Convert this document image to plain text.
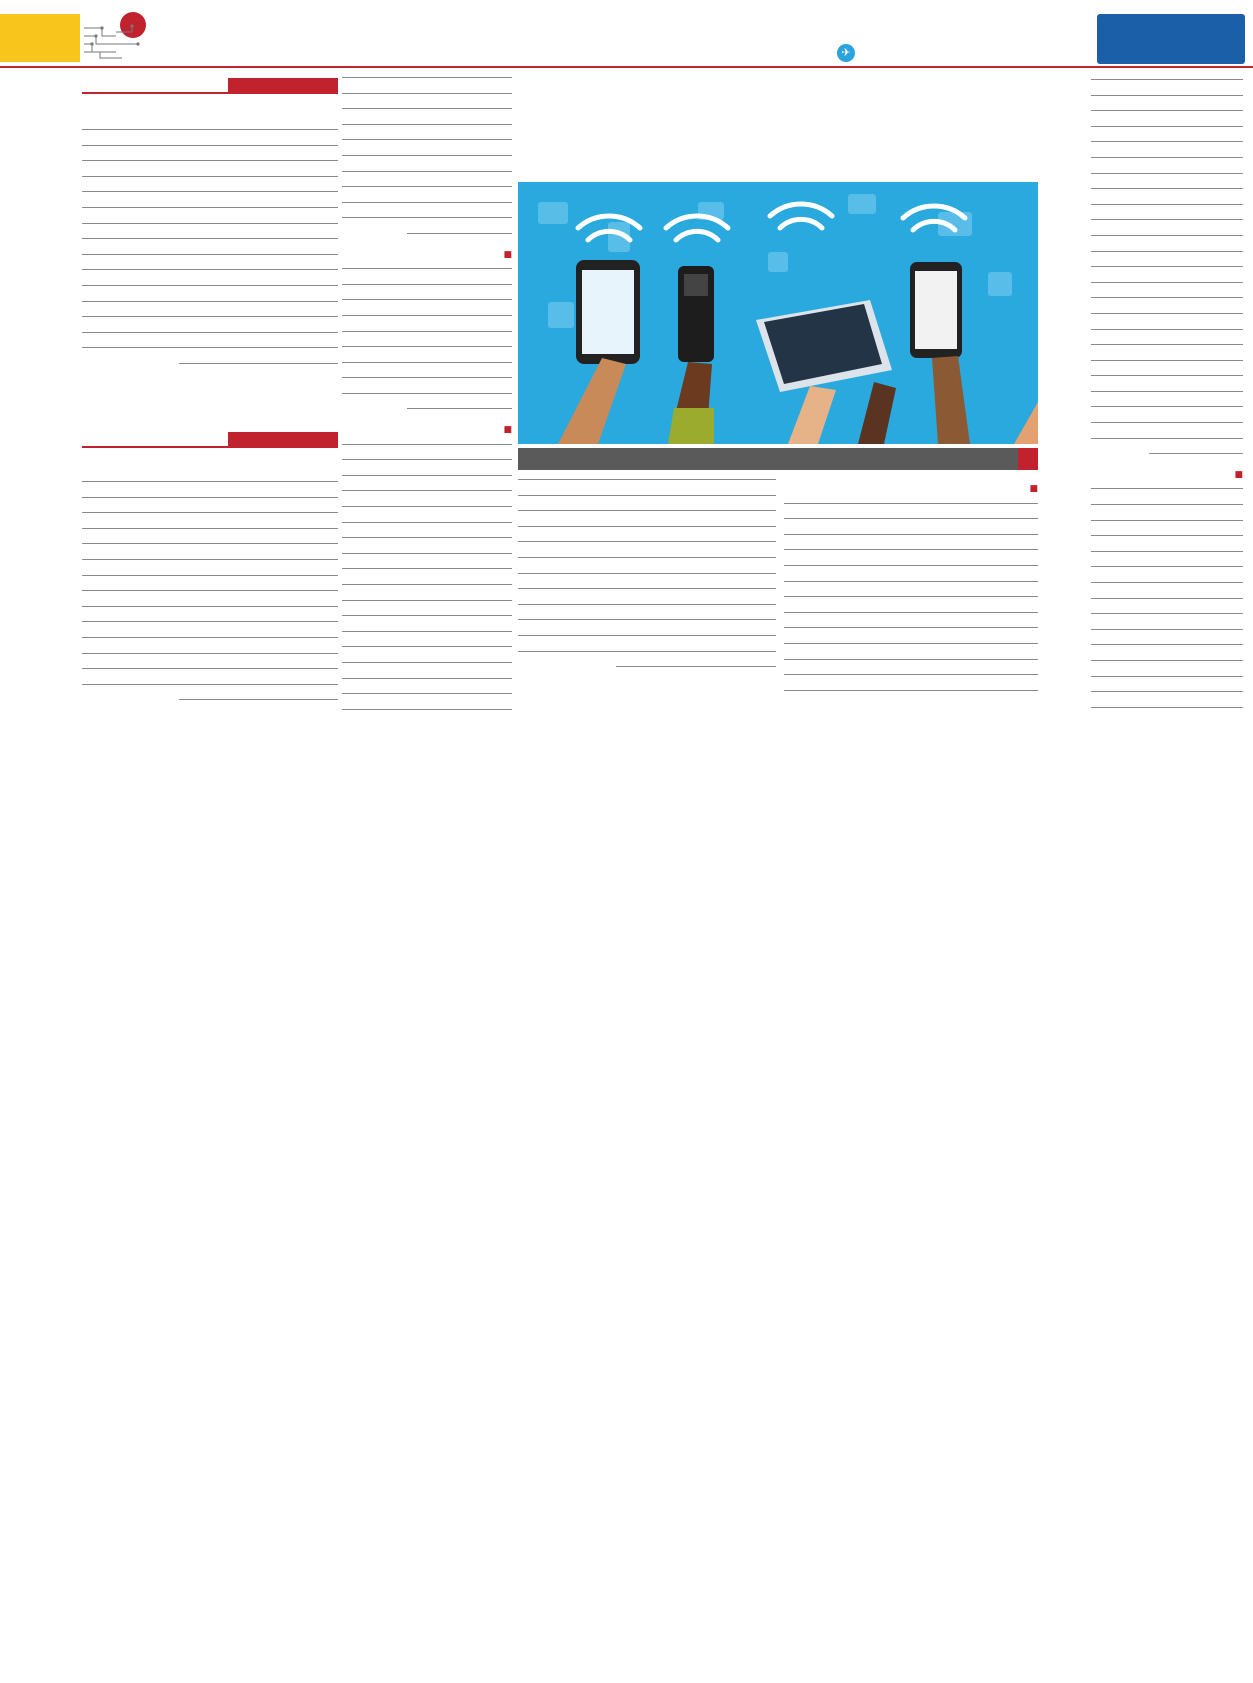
✈

■
■

■
■
